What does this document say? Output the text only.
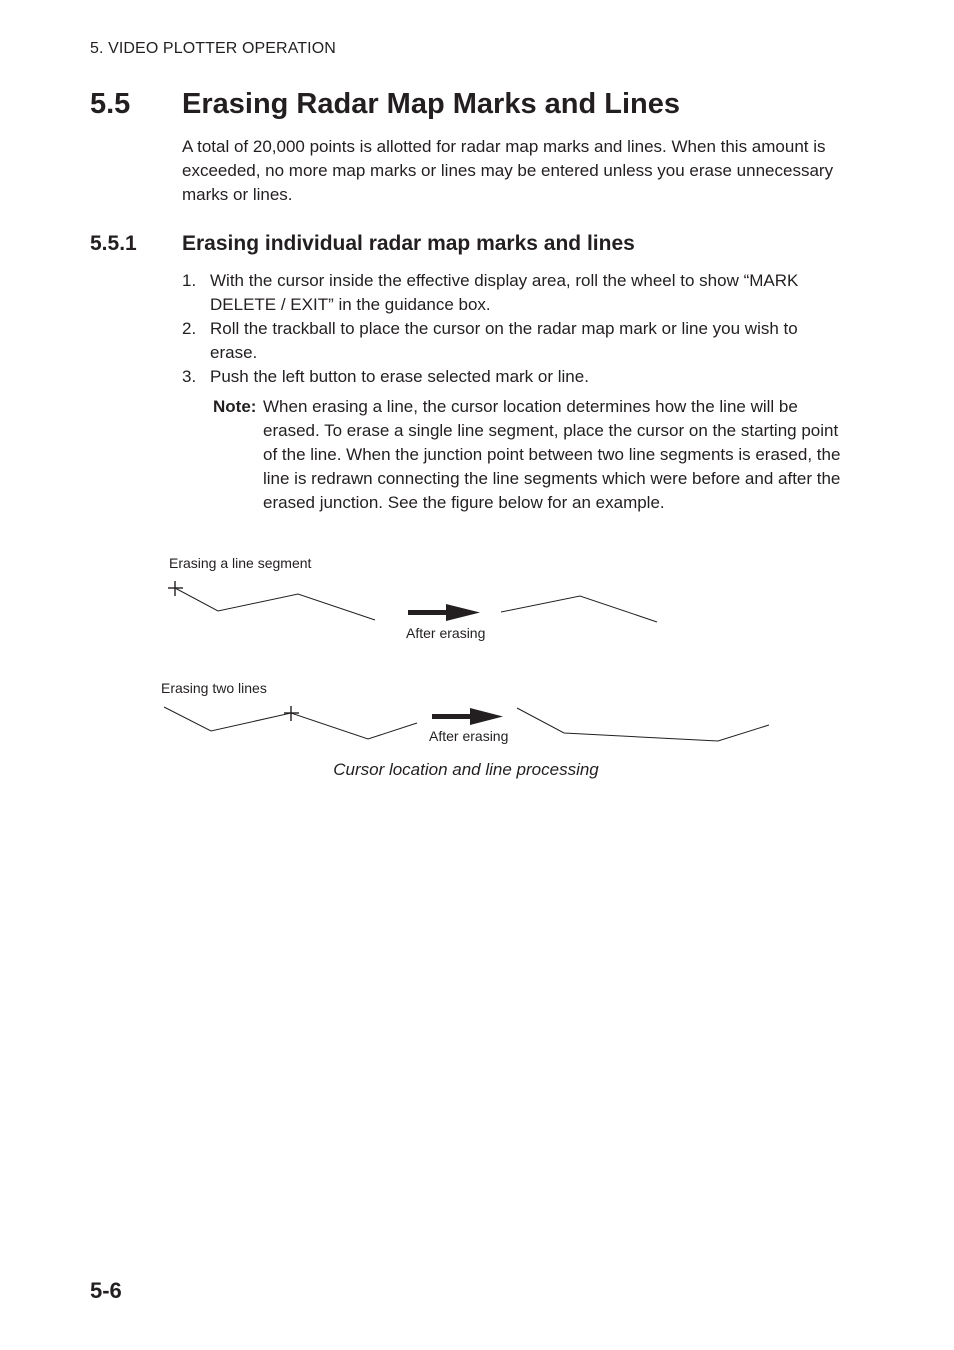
5. VIDEO PLOTTER OPERATION
5.5 Erasing Radar Map Marks and Lines
A total of 20,000 points is allotted for radar map marks and lines. When this amount is exceeded, no more map marks or lines may be entered unless you erase unnecessary marks or lines.
5.5.1 Erasing individual radar map marks and lines
1. With the cursor inside the effective display area, roll the wheel to show “MARK DELETE / EXIT” in the guidance box.
2. Roll the trackball to place the cursor on the radar map mark or line you wish to erase.
3. Push the left button to erase selected mark or line.
Note: When erasing a line, the cursor location determines how the line will be erased. To erase a single line segment, place the cursor on the starting point of the line. When the junction point between two line segments is erased, the line is redrawn connecting the line segments which were before and after the erased junction. See the figure below for an example.
Erasing a line segment
After erasing
Erasing two lines
After erasing
Cursor location and line processing
5-6
